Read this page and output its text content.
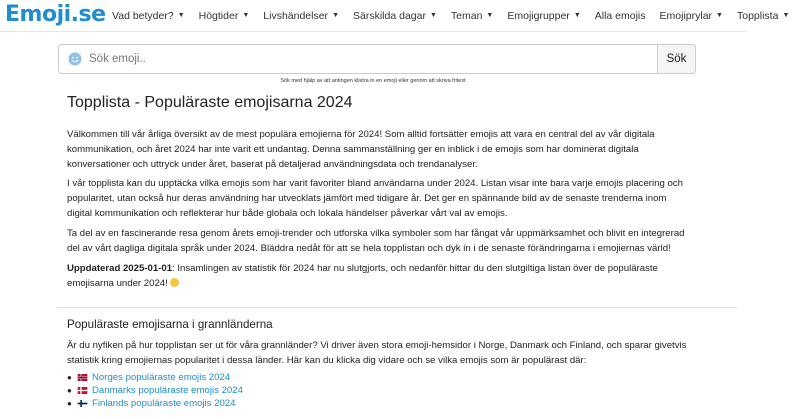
Emoji.se Vad betyder? ▼ Högtider ▼ Livshändelser ▼ Särskilda dagar ▼ Teman ▼ Emojigrupper ▼ Alla emojis Emojiprylar ▼ Topplista ▼
Sök emoji..
Sök
Sök med hjälp av att antingen klistra in en emoji eller genom att skriva fritext
Topplista - Populäraste emojisarna 2024

Välkommen till vår årliga översikt av de mest populära emojierna för 2024! Som alltid fortsätter emojis att vara en central del av vår digitala kommunikation, och året 2024 har inte varit ett undantag. Denna sammanställning ger en inblick i de emojis som har dominerat digitala konversationer och uttryck under året, baserat på detaljerad användningsdata och trendanalyser.

I vår topplista kan du upptäcka vilka emojis som har varit favoriter bland användarna under 2024. Listan visar inte bara varje emojis placering och popularitet, utan också hur deras användning har utvecklats jämfört med tidigare år. Det ger en spännande bild av de senaste trenderna inom digital kommunikation och reflekterar hur både globala och lokala händelser påverkar vårt val av emojis.

Ta del av en fascinerande resa genom årets emoji-trender och utforska vilka symboler som har fångat vår uppmärksamhet och blivit en integrerad del av vårt dagliga digitala språk under 2024. Bläddra nedåt för att se hela topplistan och dyk in i de senaste förändringarna i emojiernas värld!

Uppdaterad 2025-01-01: Insamlingen av statistik för 2024 har nu slutgjorts, och nedanför hittar du den slutgiltiga listan över de populäraste emojisarna under 2024!

Populäraste emojisarna i grannländerna

Är du nyfiken på hur topplistan ser ut för våra grannländer? Vi driver även stora emoji-hemsidor i Norge, Danmark och Finland, och sparar givetvis statistik kring emojiernas popularitet i dessa länder. Här kan du klicka dig vidare och se vilka emojis som är populärast där:

●	Norges populäraste emojis 2024
●	Danmarks populäraste emojis 2024
●	Finlands populäraste emojis 2024
